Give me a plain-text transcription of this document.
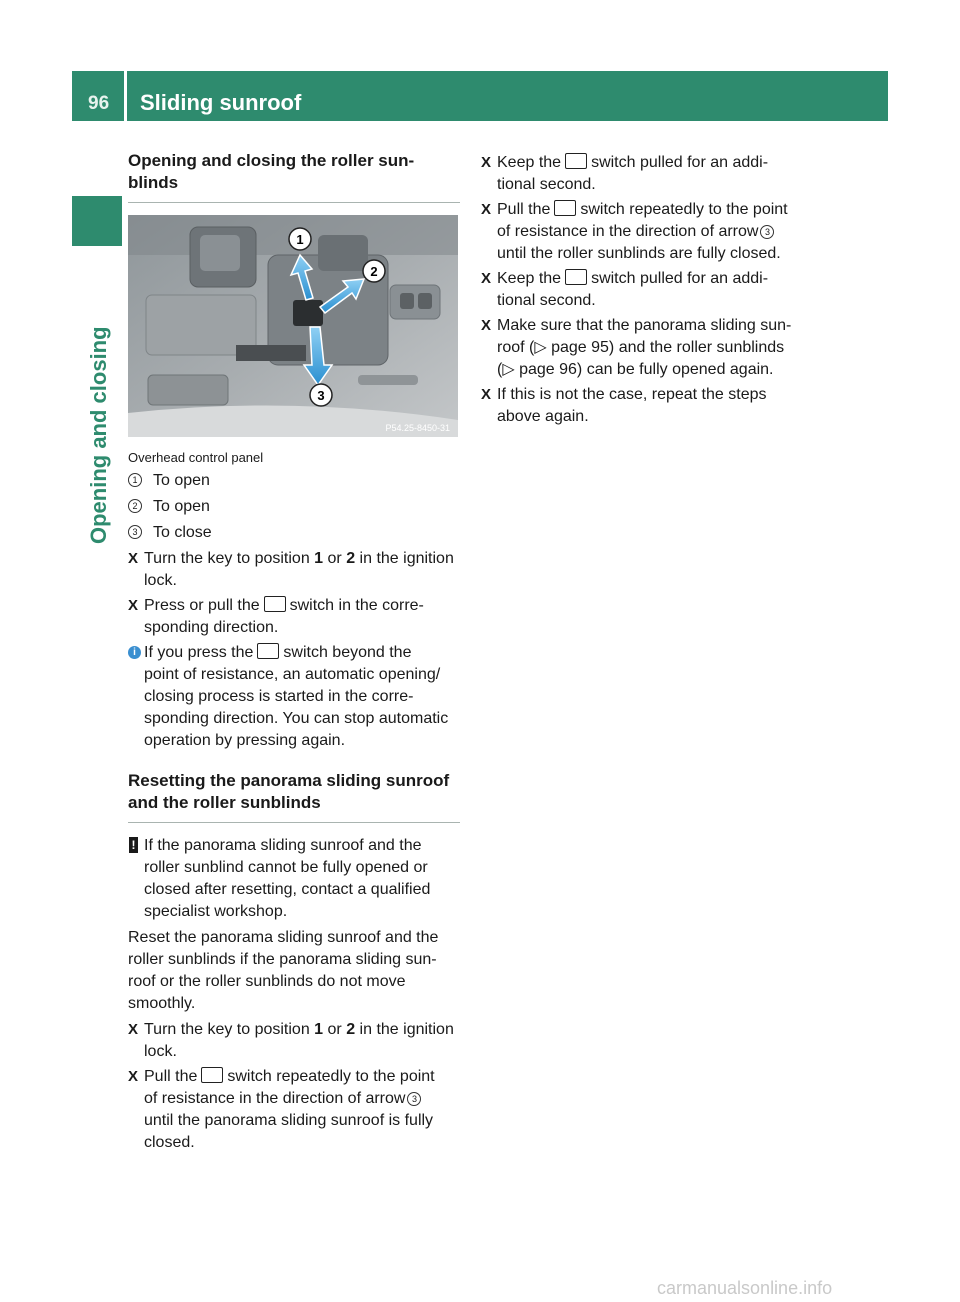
96 Sliding sunroof
Opening and closing
Opening and closing the roller sun-
blinds
1
2
3
P54.25-8450-31
Overhead control panel
1 To open
2 To open
3 To close
X Turn the key to position 1 or 2 in the ignition
lock.
X Press or pull the switch in the corre-
sponding direction.
i If you press the switch beyond the
point of resistance, an automatic opening/
closing process is started in the corre-
sponding direction. You can stop automatic
operation by pressing again.
Resetting the panorama sliding sunroof
and the roller sunblinds
! If the panorama sliding sunroof and the
roller sunblind cannot be fully opened or
closed after resetting, contact a qualified
specialist workshop.
Reset the panorama sliding sunroof and the
roller sunblinds if the panorama sliding sun-
roof or the roller sunblinds do not move
smoothly.
X Turn the key to position 1 or 2 in the ignition
lock.
X Pull the switch repeatedly to the point
of resistance in the direction of arrow 3
until the panorama sliding sunroof is fully
closed.
X Keep the switch pulled for an addi-
tional second.
X Pull the switch repeatedly to the point
of resistance in the direction of arrow 3
until the roller sunblinds are fully closed.
X Keep the switch pulled for an addi-
tional second.
X Make sure that the panorama sliding sun-
roof (▷ page 95) and the roller sunblinds
(▷ page 96) can be fully opened again.
X If this is not the case, repeat the steps
above again.
carmanualsonline.info
